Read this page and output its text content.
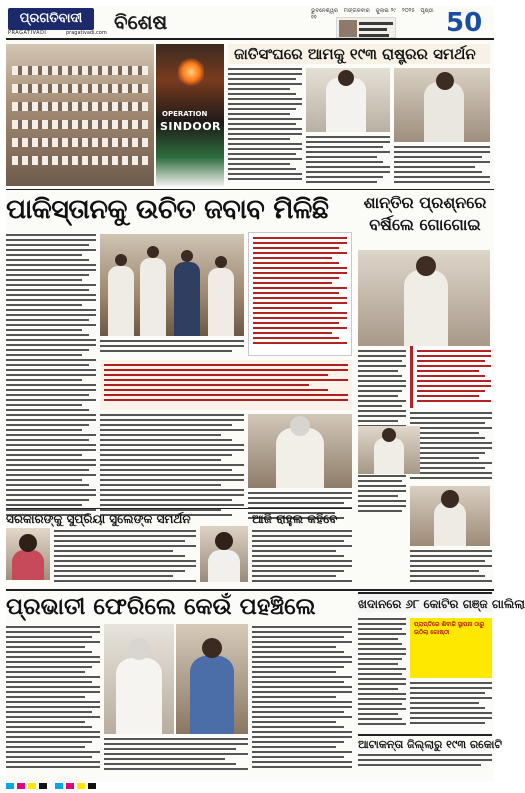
ପ୍ରଗତିବାଦୀ
PRAGATIVADI	pragativadi.com ବିଶେଷ	ଭୁବନେଶ୍ୱର ମଙ୍ଗଳବାର ଜୁଲାଇ ୨୯ ୨୦୨୫ ପୃଷ୍ଠା ୧୧	50
OPERATION
SINDOOR
ଜାତିସଂଘରେ ଆମକୁ ୧୯୩ ରାଷ୍ଟ୍ରର ସମର୍ଥନ
ପାକିସ୍ତାନକୁ ଉଚିତ ଜବାବ ମିଳିଛି	ଶାନ୍ତିର ପ୍ରଶ୍ନରେ ବର୍ଷିଲେ ଗୋଗୋଇ
ସରକାରଙ୍କୁ ସୁପ୍ରିୟା ସୁଲେଙ୍କ ସମର୍ଥନ	ଆଜି ରାହୁଲ କହିବେ
ପ୍ରଭାତୀ ଫେରିଲେ କେଉଁ ପହଞ୍ଚିଲେ	ଖଦାନରେ ୬୮ କୋଟିର ଗଞ୍ଜ ଗାଲିଲା
ପ୍ରାପ୍ତିରେ ଶିବାଜି ସ୍ଥାପନା ଠାରୁ ଉଠିଲା ଗୋଷ୍ଠୀ
ଆଟାକନ୍ତା ଜିଲ୍ଲାରୁ ୧୯୩ ରକୋଟି
